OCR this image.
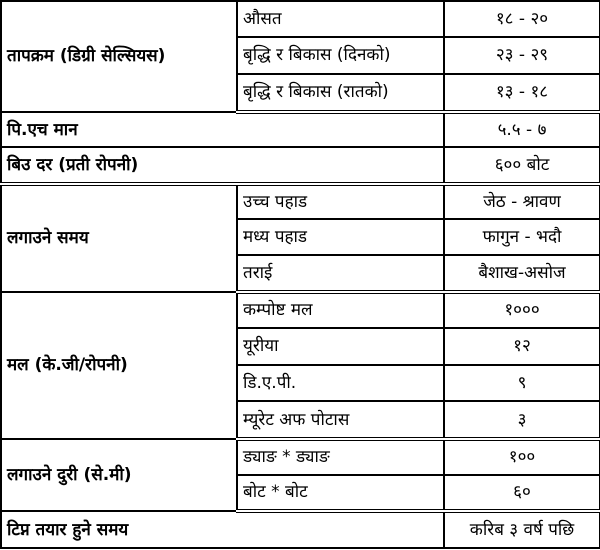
तापक्रम (डिग्री सेल्सियस)	औसत	१८ - २०
	बृद्धि र बिकास (दिनको)	२३ - २९
	बृद्धि र बिकास (रातको)	१३ - १८
पि.एच मान		५.५ - ७
बिउ दर (प्रती रोपनी)		६०० बोट
लगाउने समय	उच्च पहाड	जेठ - श्रावण
	मध्य पहाड	फागुन - भदौ
	तराई	बैशाख-असोज
मल (के.जी/रोपनी)	कम्पोष्ट मल	१०००
	यूरीया	१२
	डि.ए.पी.	९
	म्यूरेट अफ पोटास	३
लगाउने दुरी (से.मी)	ड्याङ * ड्याङ	१००
	बोट * बोट	६०
टिप्न तयार हुने समय		करिब ३ वर्ष पछि
